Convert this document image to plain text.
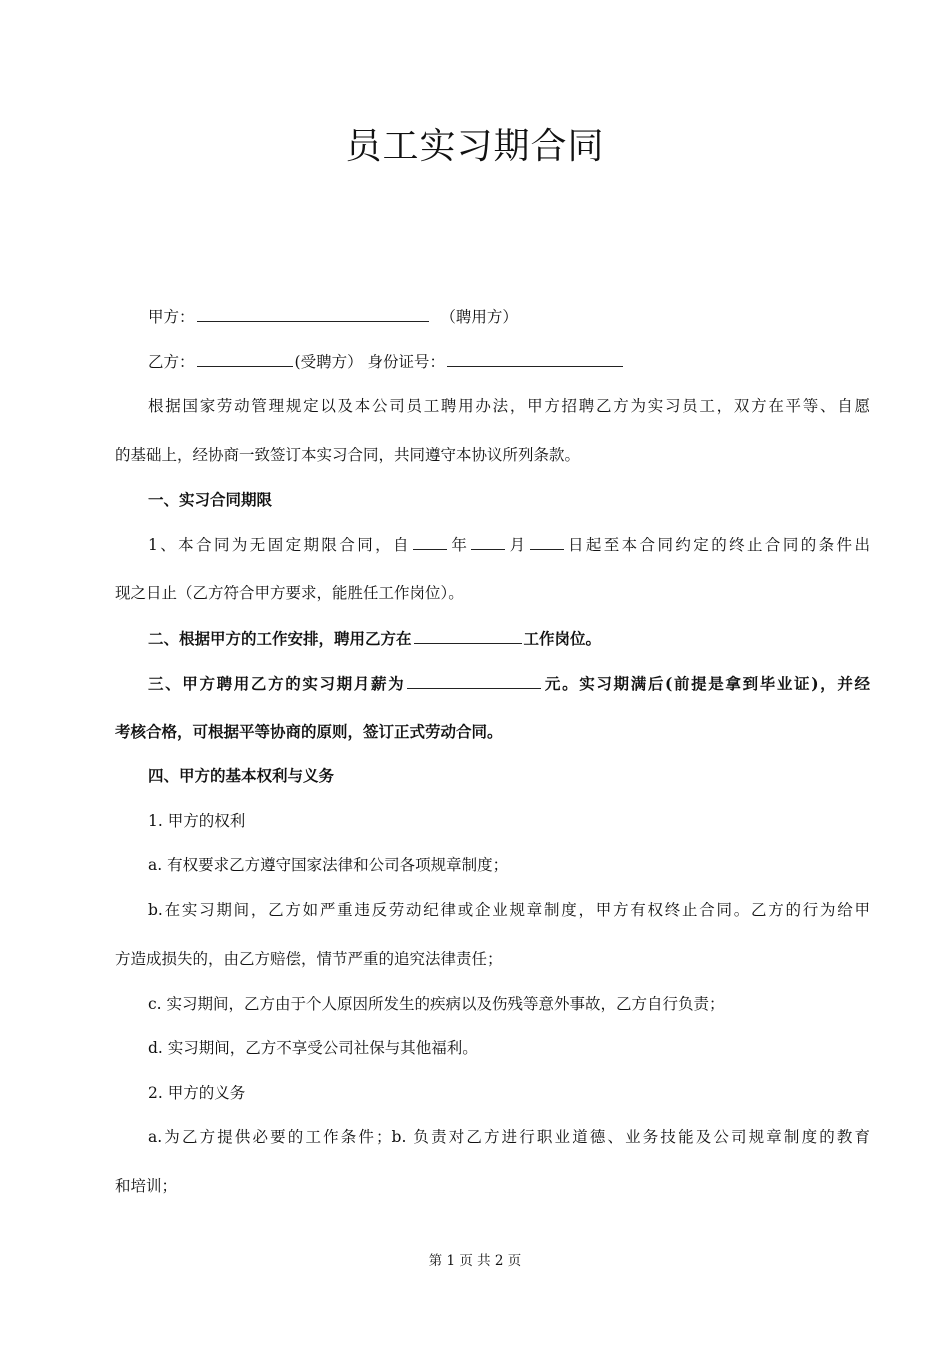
员工实习期合同
甲方：	（聘用方）
乙方：	(受聘方） 身份证号：
根据国家劳动管理规定以及本公司员工聘用办法，甲方招聘乙方为实习员工，双方在平等、自愿
的基础上，经协商一致签订本实习合同，共同遵守本协议所列条款。
一、实习合同期限
1、本合同为无固定期限合同，自 年 月 日起至本合同约定的终止合同的条件出
现之日止（乙方符合甲方要求，能胜任工作岗位）。
二、根据甲方的工作安排，聘用乙方在	工作岗位。
三、甲方聘用乙方的实习期月薪为	元。实习期满后(前提是拿到毕业证)，并经
考核合格，可根据平等协商的原则，签订正式劳动合同。
四、甲方的基本权利与义务
1. 甲方的权利
a. 有权要求乙方遵守国家法律和公司各项规章制度；
b.在实习期间，乙方如严重违反劳动纪律或企业规章制度，甲方有权终止合同。乙方的行为给甲
方造成损失的，由乙方赔偿，情节严重的追究法律责任；
c. 实习期间，乙方由于个人原因所发生的疾病以及伤残等意外事故，乙方自行负责；
d. 实习期间，乙方不享受公司社保与其他福利。
2. 甲方的义务
a.为乙方提供必要的工作条件；b. 负责对乙方进行职业道德、业务技能及公司规章制度的教育
和培训；
第 1 页 共 2 页
